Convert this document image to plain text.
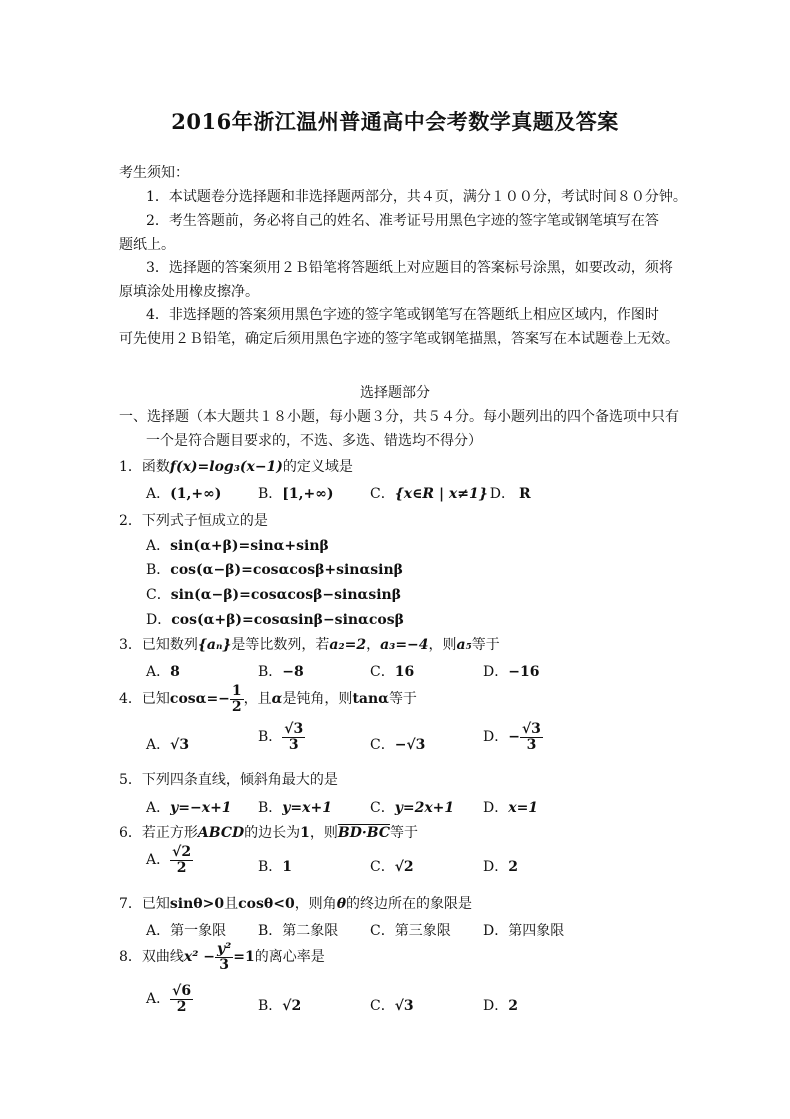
2016年浙江温州普通高中会考数学真题及答案
考生须知：
1．本试题卷分选择题和非选择题两部分，共４页，满分１００分，考试时间８０分钟。
2．考生答题前，务必将自己的姓名、准考证号用黑色字迹的签字笔或钢笔填写在答
题纸上。
3．选择题的答案须用２Ｂ铅笔将答题纸上对应题目的答案标号涂黑，如要改动，须将
原填涂处用橡皮擦净。
4．非选择题的答案须用黑色字迹的签字笔或钢笔写在答题纸上相应区域内，作图时
可先使用２Ｂ铅笔，确定后须用黑色字迹的签字笔或钢笔描黑，答案写在本试题卷上无效。
选择题部分
一、选择题（本大题共１８小题，每小题３分，共５４分。每小题列出的四个备选项中只有
一个是符合题目要求的，不选、多选、错选均不得分）
1．函数f(x)=log₃(x−1)的定义域是
A．(1,+∞)	B．[1,+∞)	C．{x∈R | x≠1} D． R
2．下列式子恒成立的是
A．sin(α+β)=sinα+sinβ
B．cos(α−β)=cosαcosβ+sinαsinβ
C．sin(α−β)=cosαcosβ−sinαsinβ
D．cos(α+β)=cosαsinβ−sinαcosβ
3．已知数列{aₙ}是等比数列，若a₂=2，a₃=−4，则a₅等于
A．8	B．−8	C．16	D．−16
4．已知$\cos\alpha=- \frac{1}{2}$ ，且α是钝角，则tanα等于
A．√3	B． $\frac{√3}{3}$	C．−√3	D．− $\frac{√3}{3}$
5．下列四条直线，倾斜角最大的是
A．y=−x+1 B．y=x+1	C．y=2x+1 D．x=1
6．若正方形ABCD的边长为1，则BD·BC等于
A． $\frac{√2}{2}$	B．1	C．√2	D．2
7．已知sinθ>0且cosθ<0，则角θ的终边所在的象限是
A．第一象限 B．第二象限 C．第三象限 D．第四象限
8．双曲线$x^2 - \frac{\text{y²}}{3} =1$的离心率是
A． $\frac{√6}{2}$	B．√2	C．√3	D．2
